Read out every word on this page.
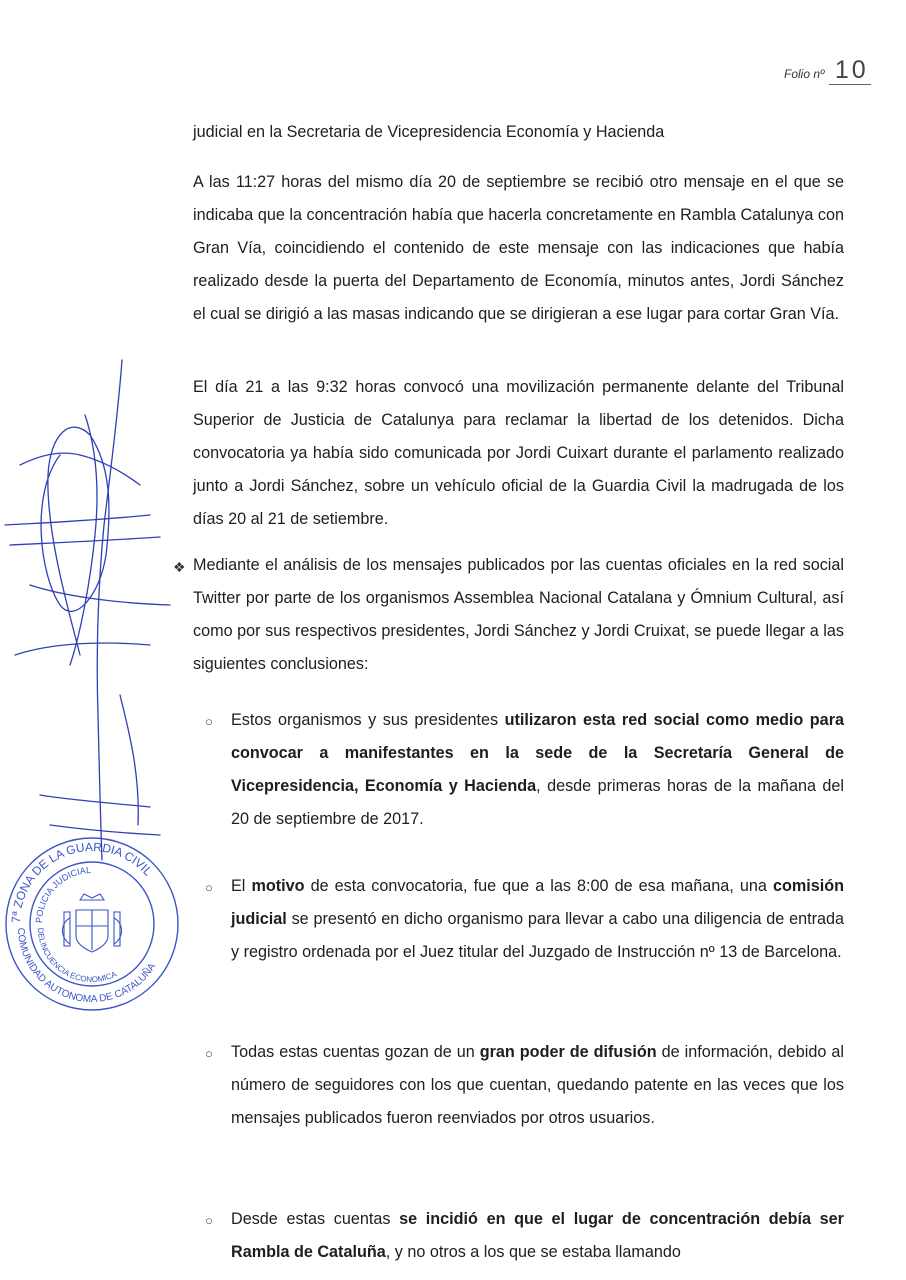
Folio nº 10

judicial en la Secretaria de Vicepresidencia Economía y Hacienda

A las 11:27 horas del mismo día 20 de septiembre se recibió otro mensaje en el que se indicaba que la concentración había que hacerla concretamente en Rambla Catalunya con Gran Vía, coincidiendo el contenido de este mensaje con las indicaciones que había realizado desde la puerta del Departamento de Economía, minutos antes, Jordi Sánchez el cual se dirigió a las masas indicando que se dirigieran a ese lugar para cortar Gran Vía.

El día 21 a las 9:32 horas convocó una movilización permanente delante del Tribunal Superior de Justicia de Catalunya para reclamar la libertad de los detenidos. Dicha convocatoria ya había sido comunicada por Jordi Cuixart durante el parlamento realizado junto a Jordi Sánchez, sobre un vehículo oficial de la Guardia Civil la madrugada de los días 20 al 21 de setiembre.

❖ Mediante el análisis de los mensajes publicados por las cuentas oficiales en la red social Twitter por parte de los organismos Assemblea Nacional Catalana y Ómnium Cultural, así como por sus respectivos presidentes, Jordi Sánchez y Jordi Cruixat, se puede llegar a las siguientes conclusiones:

○ Estos organismos y sus presidentes utilizaron esta red social como medio para convocar a manifestantes en la sede de la Secretaría General de Vicepresidencia, Economía y Hacienda, desde primeras horas de la mañana del 20 de septiembre de 2017.

○ El motivo de esta convocatoria, fue que a las 8:00 de esa mañana, una comisión judicial se presentó en dicho organismo para llevar a cabo una diligencia de entrada y registro ordenada por el Juez titular del Juzgado de Instrucción nº 13 de Barcelona.

○ Todas estas cuentas gozan de un gran poder de difusión de información, debido al número de seguidores con los que cuentan, quedando patente en las veces que los mensajes publicados fueron reenviados por otros usuarios.

○ Desde estas cuentas se incidió en que el lugar de concentración debía ser Rambla de Cataluña, y no otros a los que se estaba llamando

7ª ZONA DE LA GUARDIA CIVIL
POLICIA JUDICIAL
COMUNIDAD AUTONOMA DE CATALUÑA
DELINCUENCIA ECONOMICA
